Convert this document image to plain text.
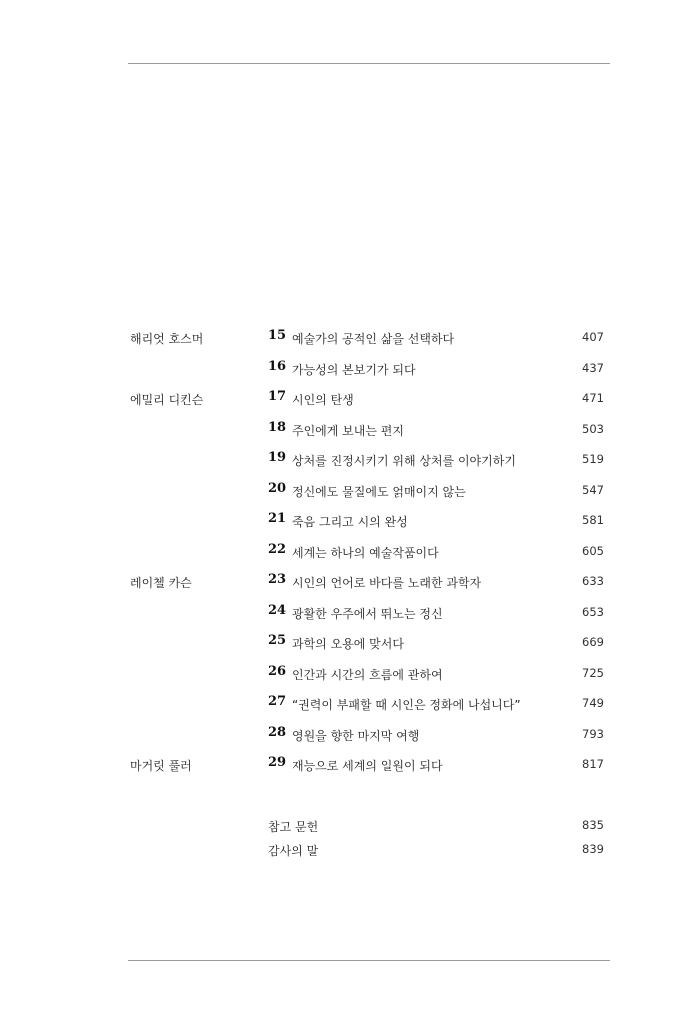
해리엇 호스머	15 예술가의 공적인 삶을 선택하다	407
16 가능성의 본보기가 되다	437
에밀리 디킨슨	17 시인의 탄생	471
18 주인에게 보내는 편지	503
19 상처를 진정시키기 위해 상처를 이야기하기	519
20 정신에도 물질에도 얽매이지 않는	547
21 죽음 그리고 시의 완성	581
22 세계는 하나의 예술작품이다	605
레이첼 카슨	23 시인의 언어로 바다를 노래한 과학자	633
24 광활한 우주에서 뛰노는 정신	653
25 과학의 오용에 맞서다	669
26 인간과 시간의 흐름에 관하여	725
27 “권력이 부패할 때 시인은 정화에 나섭니다”	749
28 영원을 향한 마지막 여행	793
마거릿 풀러	29 재능으로 세계의 일원이 되다	817
참고 문헌	835
감사의 말	839
